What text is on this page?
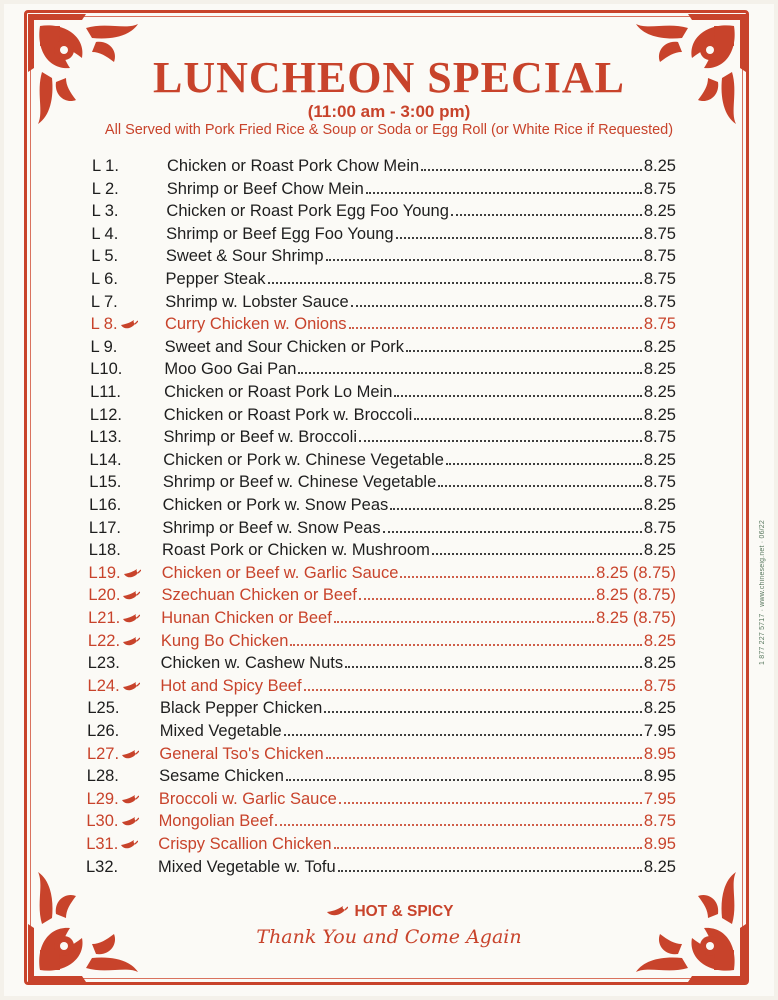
LUNCHEON SPECIAL
(11:00 am - 3:00 pm)
All Served with Pork Fried Rice & Soup or Soda or Egg Roll (or White Rice if Requested)
L 1.	Chicken or Roast Pork Chow Mein	8.25
L 2.	Shrimp or Beef Chow Mein	8.75
L 3.	Chicken or Roast Pork Egg Foo Young	8.25
L 4.	Shrimp or Beef Egg Foo Young	8.75
L 5.	Sweet & Sour Shrimp	8.75
L 6.	Pepper Steak	8.75
L 7.	Shrimp w. Lobster Sauce	8.75
L 8.	Curry Chicken w. Onions	8.75
L 9.	Sweet and Sour Chicken or Pork	8.25
L10.	Moo Goo Gai Pan	8.25
L11.	Chicken or Roast Pork Lo Mein	8.25
L12.	Chicken or Roast Pork w. Broccoli	8.25
L13.	Shrimp or Beef w. Broccoli	8.75
L14.	Chicken or Pork w. Chinese Vegetable	8.25
L15.	Shrimp or Beef w. Chinese Vegetable	8.75
L16.	Chicken or Pork w. Snow Peas	8.25
L17.	Shrimp or Beef w. Snow Peas	8.75
L18. Roast Pork or Chicken w. Mushroom	8.25
L19. Chicken or Beef w. Garlic Sauce	8.25 (8.75)
L20. Szechuan Chicken or Beef	8.25 (8.75)
L21. Hunan Chicken or Beef	8.25 (8.75)
L22. Kung Bo Chicken	8.25
L23. Chicken w. Cashew Nuts	8.25
L24. Hot and Spicy Beef	8.75
L25. Black Pepper Chicken	8.25
L26. Mixed Vegetable	7.95
L27. General Tso's Chicken	8.95
L28. Sesame Chicken	8.95
L29. Broccoli w. Garlic Sauce	7.95
L30. Mongolian Beef	8.75
L31. Crispy Scallion Chicken	8.95
L32. Mixed Vegetable w. Tofu	8.25
HOT & SPICY
Thank You and Come Again
1 877 227 5717 · www.chineseig.net · 06/22
